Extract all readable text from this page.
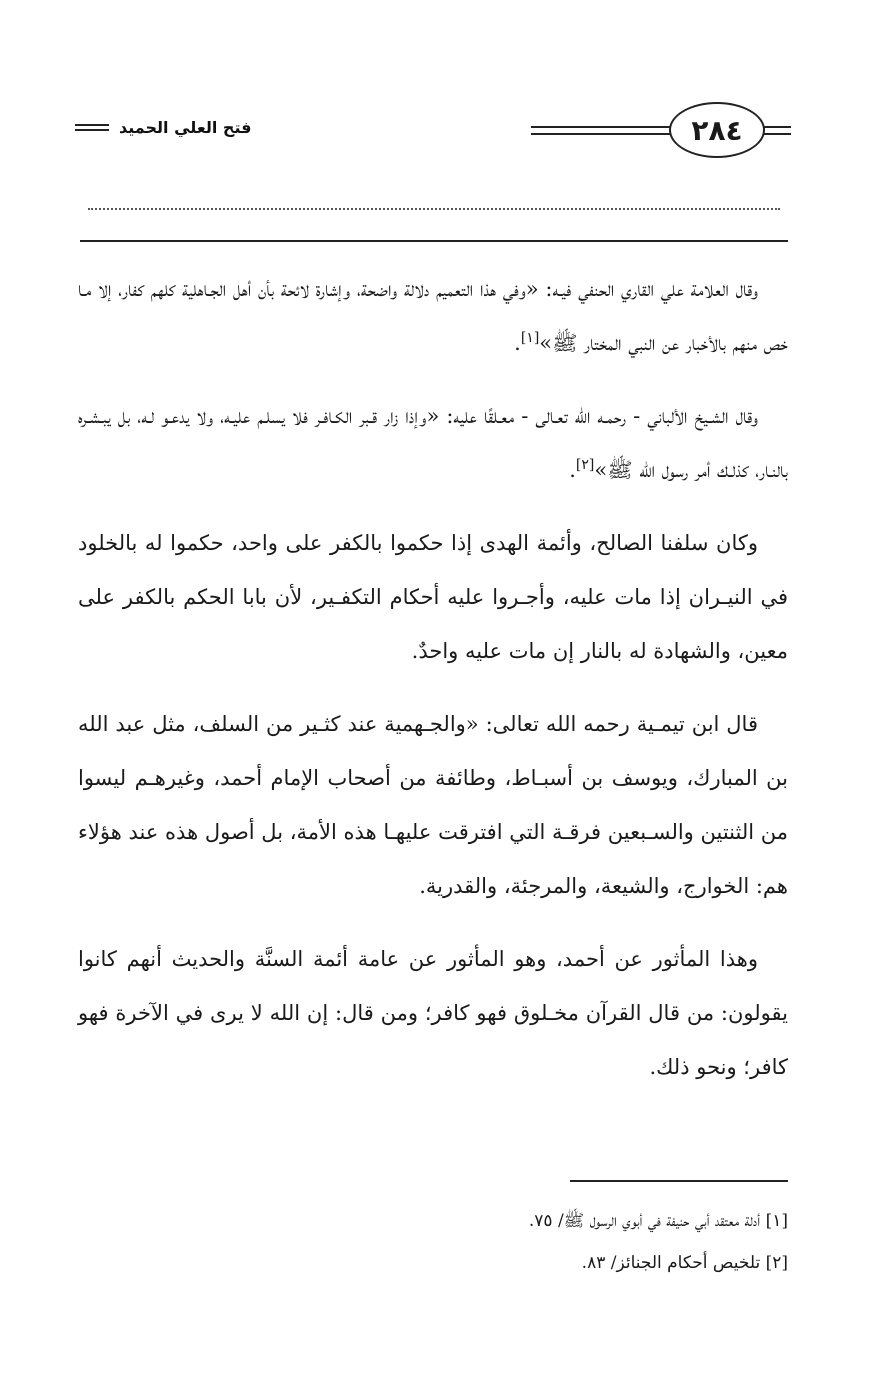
فتح العلي الحميد	٢٨٤

وقال العلامة علي القاري الحنفي فيـه: «وفي هذا التعميم دلالة واضحة، وإشارة لائحة بأن أهل الجـاهلية كلهم كفار، إلا مـا خص منهم بالأخبار عن النبي المختار ﷺ»[١].

وقال الشـيخ الألباني - رحمـه الله تعـالى - معـلقًا عليه: «وإذا زار قـبر الكـافـر فلا يسلـم عليـه، ولا يدعـو لـه، بل يبـشـره بالنـار، كذلـك أمر رسول الله ﷺ»[٢].

وكان سلفنا الصالح، وأئمة الهدى إذا حكموا بالكفر على واحد، حكموا له بالخلود في النيـران إذا مات عليه، وأجـروا عليه أحكام التكفـير، لأن بابا الحكم بالكفر على معين، والشهادة له بالنار إن مات عليه واحدٌ.

قال ابن تيمـية رحمه الله تعالى: «والجـهمية عند كثـير من السلف، مثل عبد الله بن المبارك، ويوسف بن أسبـاط، وطائفة من أصحاب الإمام أحمد، وغيرهـم ليسوا من الثنتين والسـبعين فرقـة التي افترقت عليهـا هذه الأمة، بل أصول هذه عند هؤلاء هم: الخوارج، والشيعة، والمرجئة، والقدرية.

وهذا المأثور عن أحمد، وهو المأثور عن عامة أئمة السنَّة والحديث أنهم كانوا يقولون: من قال القرآن مخـلوق فهو كافر؛ ومن قال: إن الله لا يرى في الآخرة فهو كافر؛ ونحو ذلك.

[١] أدلة معتقد أبي حنيفة في أبوي الرسول ﷺ/ ٧٥.
[٢] تلخيص أحكام الجنائز/ ٨٣.
